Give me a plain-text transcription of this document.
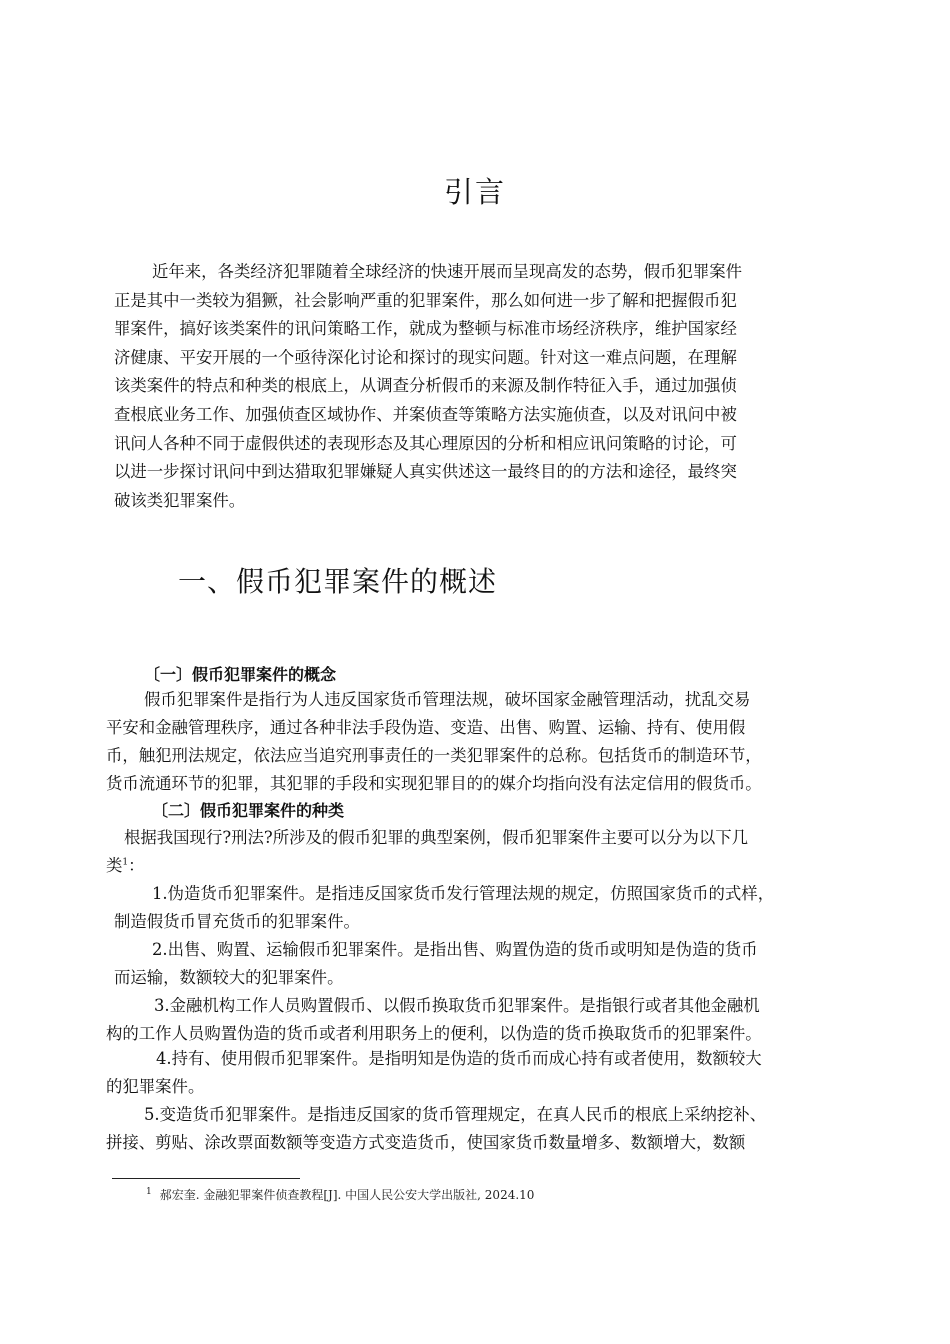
引言
近年来，各类经济犯罪随着全球经济的快速开展而呈现高发的态势，假币犯罪案件
正是其中一类较为猖獗，社会影响严重的犯罪案件，那么如何进一步了解和把握假币犯
罪案件，搞好该类案件的讯问策略工作，就成为整顿与标准市场经济秩序，维护国家经
济健康、平安开展的一个亟待深化讨论和探讨的现实问题。针对这一难点问题，在理解
该类案件的特点和种类的根底上，从调查分析假币的来源及制作特征入手，通过加强侦
查根底业务工作、加强侦查区域协作、并案侦查等策略方法实施侦查，以及对讯问中被
讯问人各种不同于虚假供述的表现形态及其心理原因的分析和相应讯问策略的讨论，可
以进一步探讨讯问中到达猎取犯罪嫌疑人真实供述这一最终目的的方法和途径，最终突
破该类犯罪案件。
一、假币犯罪案件的概述
〔一〕假币犯罪案件的概念
假币犯罪案件是指行为人违反国家货币管理法规，破坏国家金融管理活动，扰乱交易
平安和金融管理秩序，通过各种非法手段伪造、变造、出售、购置、运输、持有、使用假
币，触犯刑法规定，依法应当追究刑事责任的一类犯罪案件的总称。包括货币的制造环节，
货币流通环节的犯罪，其犯罪的手段和实现犯罪目的的媒介均指向没有法定信用的假货币。
〔二〕假币犯罪案件的种类
根据我国现行?刑法?所涉及的假币犯罪的典型案例，假币犯罪案件主要可以分为以下几
类$^1$：
1.伪造货币犯罪案件。是指违反国家货币发行管理法规的规定，仿照国家货币的式样，
制造假货币冒充货币的犯罪案件。
2.出售、购置、运输假币犯罪案件。是指出售、购置伪造的货币或明知是伪造的货币
而运输，数额较大的犯罪案件。
3.金融机构工作人员购置假币、以假币换取货币犯罪案件。是指银行或者其他金融机
构的工作人员购置伪造的货币或者利用职务上的便利，以伪造的货币换取货币的犯罪案件。
4.持有、使用假币犯罪案件。是指明知是伪造的货币而成心持有或者使用，数额较大
的犯罪案件。
5.变造货币犯罪案件。是指违反国家的货币管理规定，在真人民币的根底上采纳挖补、
拼接、剪贴、涂改票面数额等变造方式变造货币，使国家货币数量增多、数额增大，数额
$^1$ 郝宏奎. 金融犯罪案件侦查教程[J]. 中国人民公安大学出版社, 2024.10
